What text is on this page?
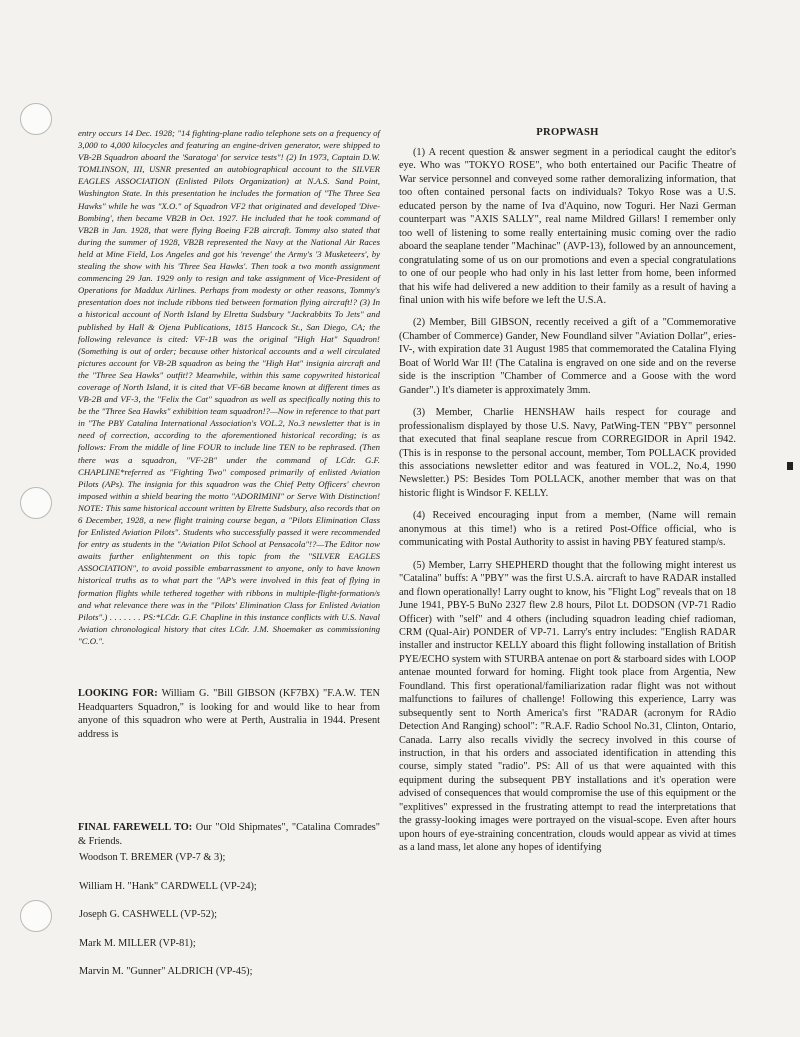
entry occurs 14 Dec. 1928; "14 fighting-plane radio telephone sets on a frequency of 3,000 to 4,000 kilocycles and featuring an engine-driven generator, were shipped to VB-2B Squadron aboard the 'Saratoga' for service tests"! (2) In 1973, Captain D.W. TOMLINSON, III, USNR presented an autobiographical account to the SILVER EAGLES ASSOCIATION (Enlisted Pilots Organization) at N.A.S. Sand Point, Washington State. In this presentation he includes the formation of "The Three Sea Hawks" while he was "X.O." of Squadron VF2 that originated and developed 'Dive-Bombing', then became VB2B in Oct. 1927. He included that he took command of VB2B in Jan. 1928, that were flying Boeing F2B aircraft. Tommy also stated that during the summer of 1928, VB2B represented the Navy at the National Air Races held at Mine Field, Los Angeles and got his 'revenge' the Army's '3 Musketeers', by stealing the show with his 'Three Sea Hawks'. Then took a two month assignment commencing 29 Jan. 1929 only to resign and take assignment of Vice-President of Operations for Maddux Airlines. Perhaps from modesty or other reasons, Tommy's presentation does not include ribbons tied between formation flying aircraft!? (3) In a historical account of North Island by Elretta Sudsbury "Jackrabbits To Jets" and published by Hall & Ojena Publications, 1815 Hancock St., San Diego, CA; the following relevance is cited: VF-1B was the original "High Hat" Squadron! (Something is out of order; because other historical accounts and a well circulated pictures account for VB-2B squadron as being the "High Hat" insignia aircraft and the "Three Sea Hawks" outfit!? Meanwhile, within this same copywrited historical coverage of North Island, it is cited that VF-6B became known at different times as VB-2B and VF-3, the "Felix the Cat" squadron as well as specifically noting this to be the "Three Sea Hawks" exhibition team squadron!?—Now in reference to that part in "The PBY Catalina International Association's VOL.2, No.3 newsletter that is in need of correction, according to the aforementioned historical recording; is as follows: From the middle of line FOUR to include line TEN to be rephrased. (Then there was a squadron, "VF-2B" under the command of LCdr. G.F. CHAPLINE*referred as "Fighting Two" composed primarily of enlisted Aviation Pilots (APs). The insignia for this squadron was the Chief Petty Officers' chevron imposed within a shield bearing the motto "ADORIMINI" or Serve With Distinction! NOTE: This same historical account written by Elrette Sudsbury, also records that on 6 December, 1928, a new flight training course began, a "Pilots Elimination Class for Enlisted Aviation Pilots". Students who successfully passed it were recommended for entry as students in the "Aviation Pilot School at Pensacola"!?—The Editor now awaits further enlightenment on this topic from the "SILVER EAGLES ASSOCIATION", to avoid possible embarrassment to anyone, only to have known historical truths as to what part the "AP's were involved in this feat of flying in formation flights while tethered together with ribbons in multiple-flight-formation/s and what relevance there was in the "Pilots' Elimination Class for Enlisted Aviation Pilots".) . . . . . . . PS:*LCdr. G.F. Chapline in this instance conflicts with U.S. Naval Aviation chronological history that cites LCdr. J.M. Shoemaker as commissioning "C.O.".

LOOKING FOR: William G. "Bill GIBSON (KF7BX) "F.A.W. TEN Headquarters Squadron," is looking for and would like to hear from anyone of this squadron who were at Perth, Australia in 1944. Present address is

FINAL FAREWELL TO: Our "Old Shipmates", "Catalina Comrades" & Friends.

Woodson T. BREMER (VP-7 & 3);
William H. "Hank" CARDWELL (VP-24);
Joseph G. CASHWELL (VP-52);
Mark M. MILLER (VP-81);
Marvin M. "Gunner" ALDRICH (VP-45);
PROPWASH

(1) A recent question & answer segment in a periodical caught the editor's eye. Who was "TOKYO ROSE", who both entertained our Pacific Theatre of War service personnel and conveyed some rather demoralizing information, that too often contained personal facts on individuals? Tokyo Rose was a U.S. educated person by the name of Iva d'Aquino, now Toguri. Her Nazi German counterpart was "AXIS SALLY", real name Mildred Gillars! I remember only too well of listening to some really entertaining music coming over the radio aboard the seaplane tender "Machinac" (AVP-13), followed by an announcement, congratulating some of us on our promotions and even a special congratulations to one of our people who had only in his last letter from home, been informed that his wife had delivered a new addition to their family as a result of having a final union with his wife before we left the U.S.A.

(2) Member, Bill GIBSON, recently received a gift of a "Commemorative (Chamber of Commerce) Gander, New Foundland silver "Aviation Dollar", eries-IV-, with expiration date 31 August 1985 that commemorated the Catalina Flying Boat of World War II! (The Catalina is engraved on one side and on the reverse side is the inscription "Chamber of Commerce and a Goose with the word Gander".) It's diameter is approximately 3mm.

(3) Member, Charlie HENSHAW hails respect for courage and professionalism displayed by those U.S. Navy, PatWing-TEN "PBY" personnel that executed that final seaplane rescue from CORREGIDOR in April 1942. (This is in response to the personal account, member, Tom POLLACK provided this associations newsletter editor and was featured in VOL.2, No.4, 1990 Newsletter.) PS: Besides Tom POLLACK, another member that was on that historic flight is Windsor F. KELLY.

(4) Received encouraging input from a member, (Name will remain anonymous at this time!) who is a retired Post-Office official, who is communicating with Postal Authority to assist in having PBY featured stamp/s.

(5) Member, Larry SHEPHERD thought that the following might interest us "Catalina" buffs: A "PBY" was the first U.S.A. aircraft to have RADAR installed and flown operationally! Larry ought to know, his "Flight Log" reveals that on 18 June 1941, PBY-5 BuNo 2327 flew 2.8 hours, Pilot Lt. DODSON (VP-71 Radio Officer) with "self" and 4 others (including squadron leading chief radioman, CRM (Qual-Air) PONDER of VP-71. Larry's entry includes: "English RADAR installer and instructor KELLY aboard this flight following installation of British PYE/ECHO system with STURBA antenae on port & starboard sides with LOOP antenae mounted forward for homing. Flight took place from Argentia, New Foundland. This first operational/familiarization radar flight was not without malfunctions to failures of challenge! Following this experience, Larry was subsequently sent to North America's first "RADAR (acronym for RAdio Detection And Ranging) school": "R.A.F. Radio School No.31, Clinton, Ontario, Canada. Larry also recalls vividly the secrecy involved in this course of instruction, in that his orders and associated identification in attending this course, simply stated "radio". PS: All of us that were aquainted with this equipment during the subsequent PBY installations and it's operation were advised of consequences that would compromise the use of this equipment or the "explitives" expressed in the frustrating attempt to read the interpretations that the grassy-looking images were portrayed on the visual-scope. Even after hours upon hours of eye-straining concentration, clouds would appear as vivid at times as a land mass, let alone any hopes of identifying
